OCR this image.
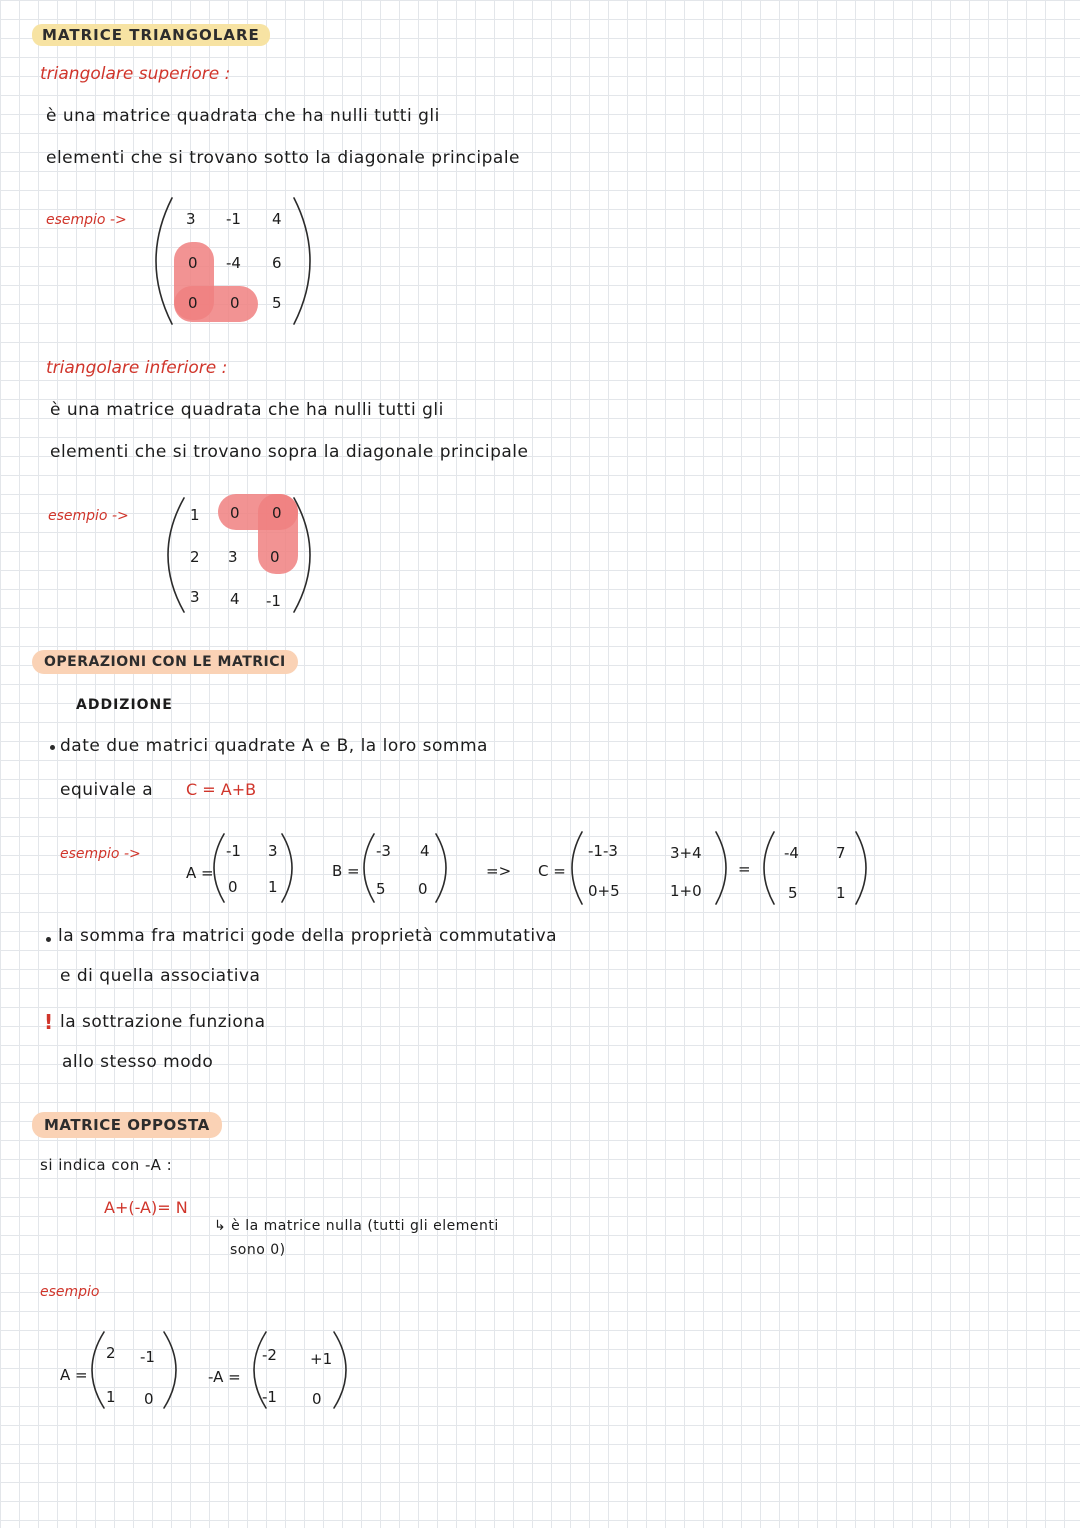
MATRICE TRIANGOLARE
triangolare superiore :
è una matrice quadrata che ha nulli tutti gli
elementi che si trovano sotto la diagonale principale
esempio ->	3 -1 4
0 -4 6
0 0 5
triangolare inferiore :
è una matrice quadrata che ha nulli tutti gli
elementi che si trovano sopra la diagonale principale
esempio ->	1 0 0
2 3 0
3 4 -1
OPERAZIONI CON LE MATRICI
ADDIZIONE
date due matrici quadrate A e B, la loro somma
equivale a C = A+B
esempio ->
A =
-1 3
0 1
B =
-3 4
5 0
=> C =
-1-3	3+4
0+5	1+0
=
-4 7
5	1
la somma fra matrici gode della proprietà commutativa
e di quella associativa
! la sottrazione funziona
allo stesso modo
MATRICE OPPOSTA
si indica con -A :
A+(-A)= N
↳ è la matrice nulla (tutti gli elementi
sono 0)
esempio
A =
2 -1
1 0
-A =
-2 +1
-1 0
